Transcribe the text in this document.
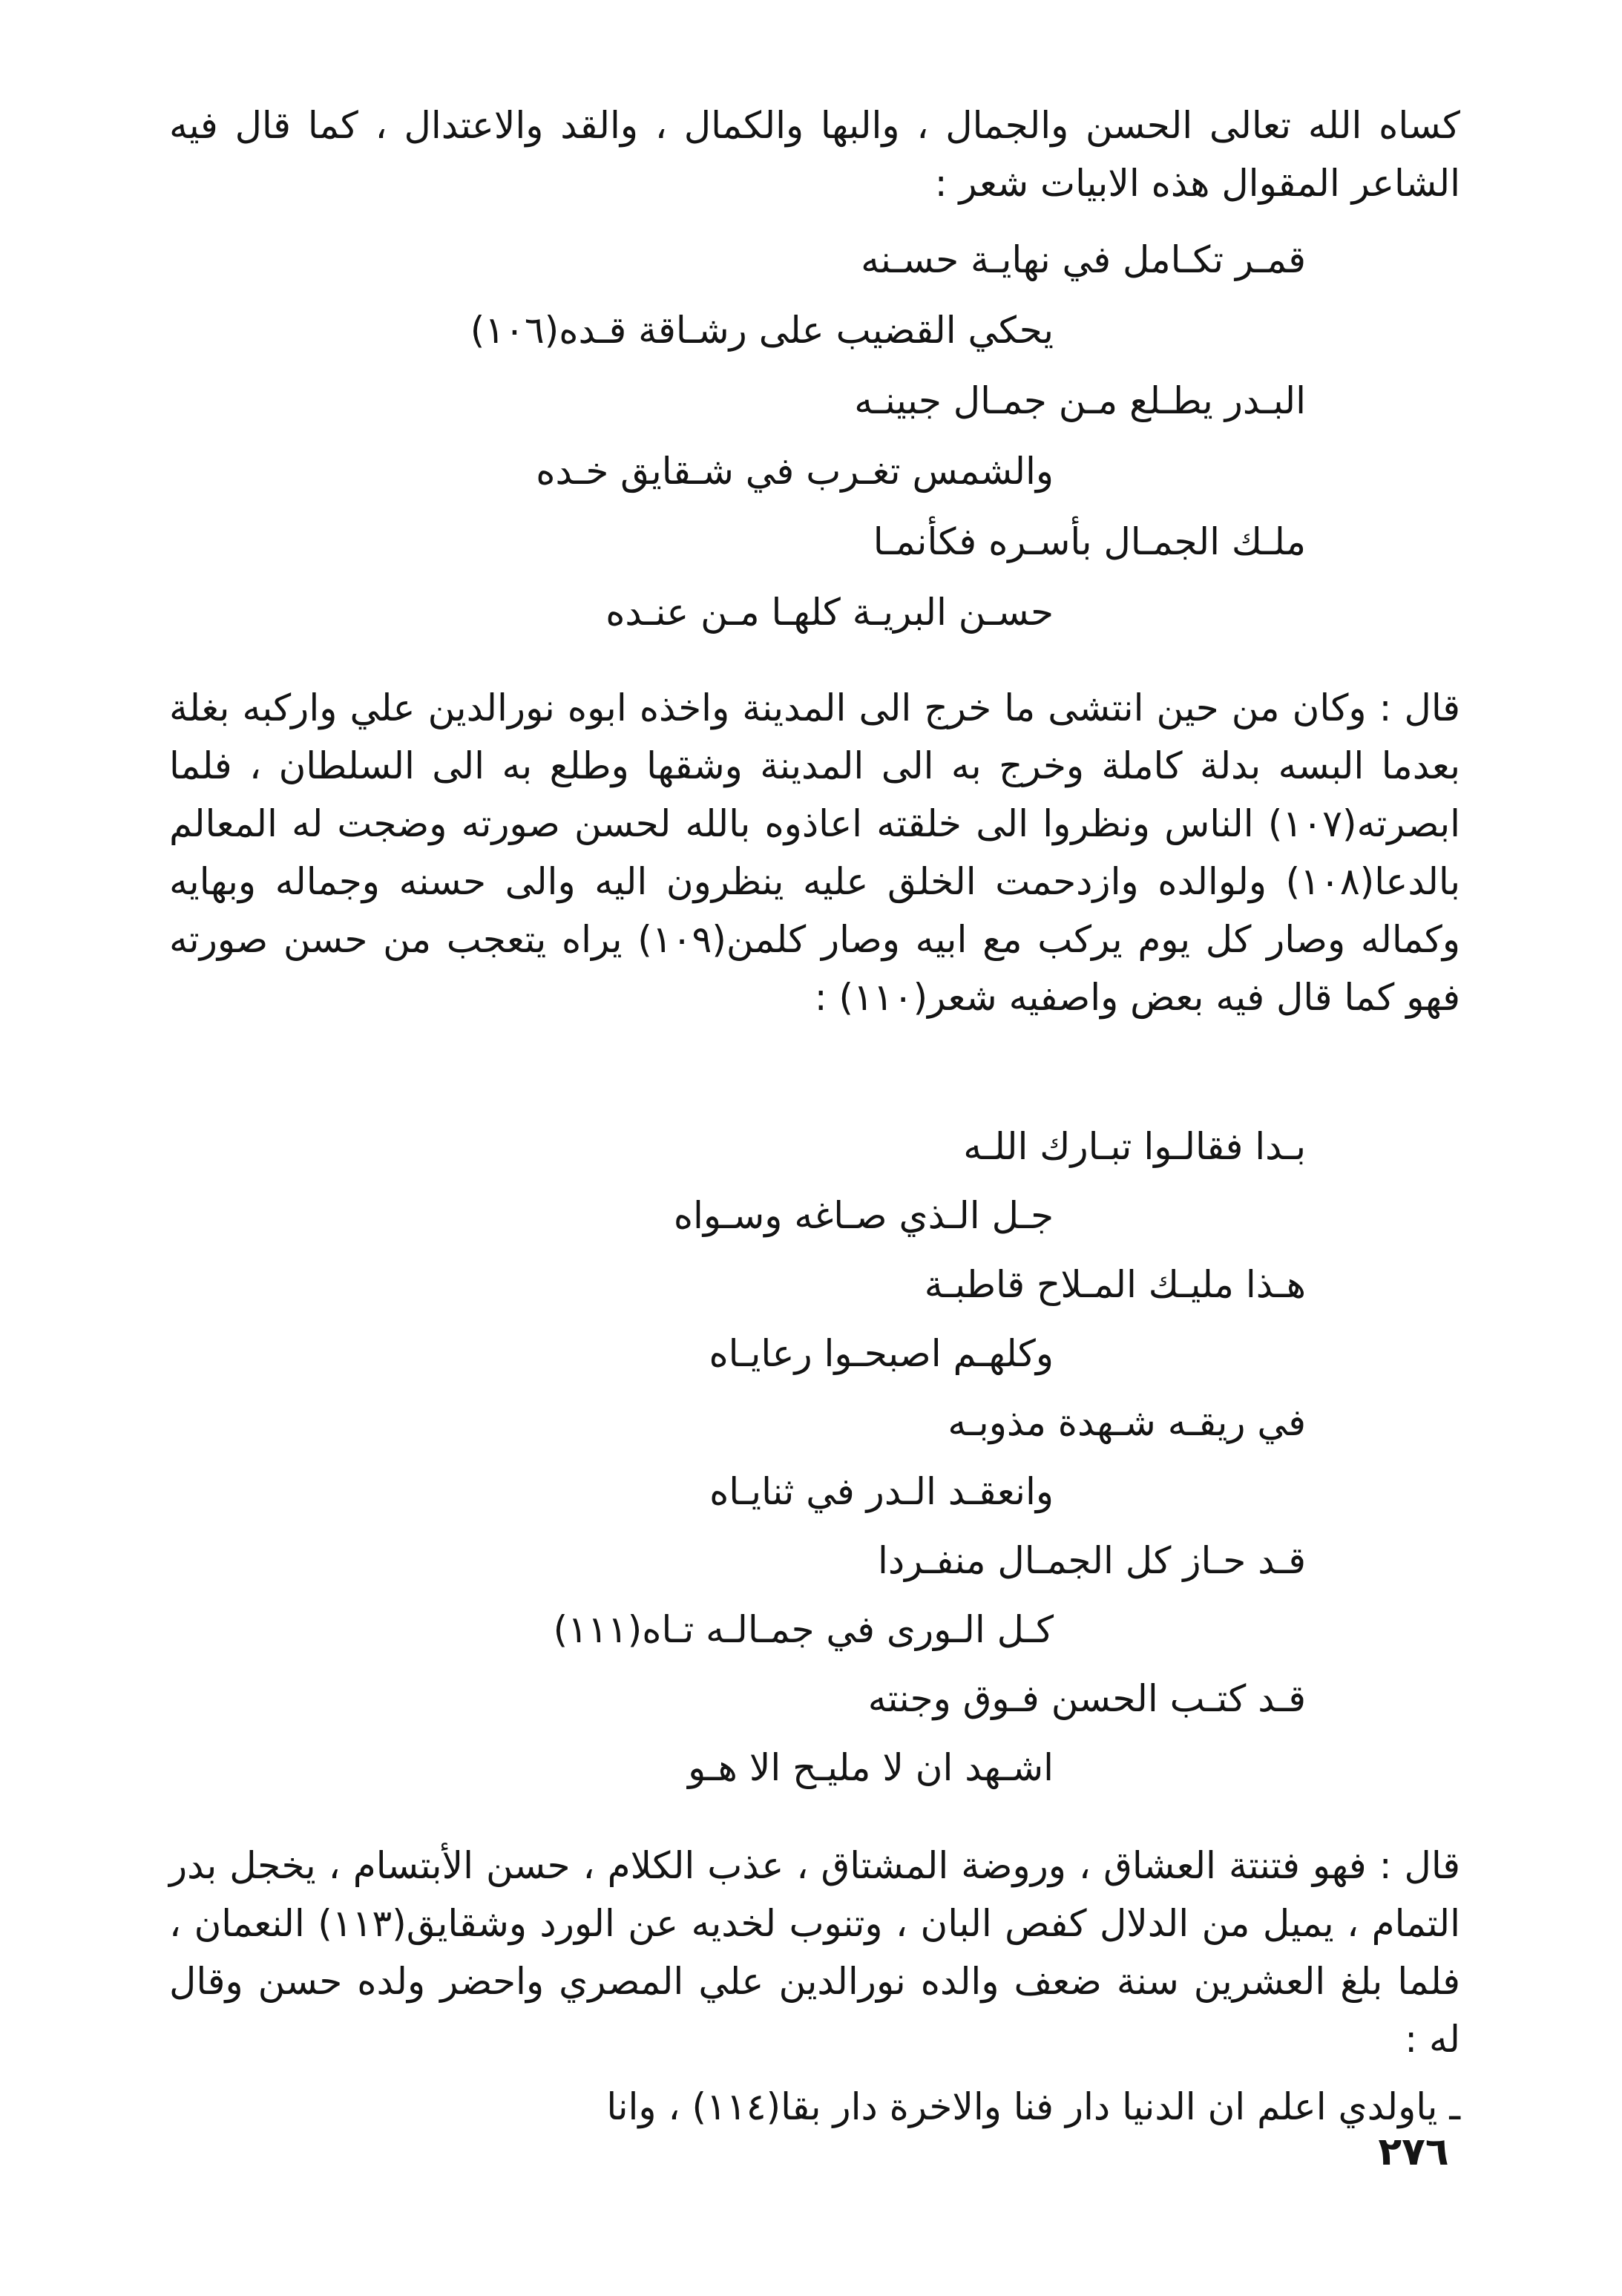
كساه الله تعالى الحسن والجمال ، والبها والكمال ، والقد والاعتدال ، كما قال فيه الشاعر المقوال هذه الابيات شعر :

قمـر تكـامل في نهايـة حسـنه
يحكي القضيب على رشـاقة قـده(١٠٦)
البـدر يطـلع مـن جمـال جبينـه
والشمس تغـرب في شـقايق خـده
ملـك الجمـال بأسـره فكأنمـا
حسـن البريـة كلهـا مـن عنـده

قال : وكان من حين انتشى ما خرج الى المدينة واخذه ابوه نورالدين علي واركبه بغلة بعدما البسه بدلة كاملة وخرج به الى المدينة وشقها وطلع به الى السلطان ، فلما ابصرته(١٠٧) الناس ونظروا الى خلقته اعاذوه بالله لحسن صورته وضجت له المعالم بالدعا(١٠٨) ولوالده وازدحمت الخلق عليه ينظرون اليه والى حسنه وجماله وبهايه وكماله وصار كل يوم يركب مع ابيه وصار كلمن(١٠٩) يراه يتعجب من حسن صورته فهو كما قال فيه بعض واصفيه شعر(١١٠) :

بـدا فقالـوا تبـارك اللـه
جـل الـذي صـاغه وسـواه
هـذا مليـك المـلاح قاطبـة
وكلهـم اصبحـوا رعايـاه
في ريقـه شـهدة مذوبـه
وانعقـد الـدر في ثنايـاه
قـد حـاز كل الجمـال منفـردا
كـل الـورى في جمـالـه تـاه(١١١)
قـد كتـب الحسن فـوق وجنته
اشـهد ان لا مليـح الا هـو

قال : فهو فتنتة العشاق ، وروضة المشتاق ، عذب الكلام ، حسن الأبتسام ، يخجل بدر التمام ، يميل من الدلال كفص البان ، وتنوب لخديه عن الورد وشقايق(١١٣) النعمان ، فلما بلغ العشرين سنة ضعف والده نورالدين علي المصري واحضر ولده حسن وقال له :

ـ ياولدي اعلم ان الدنيا دار فنا والاخرة دار بقا(١١٤) ، وانا

٢٧٦
